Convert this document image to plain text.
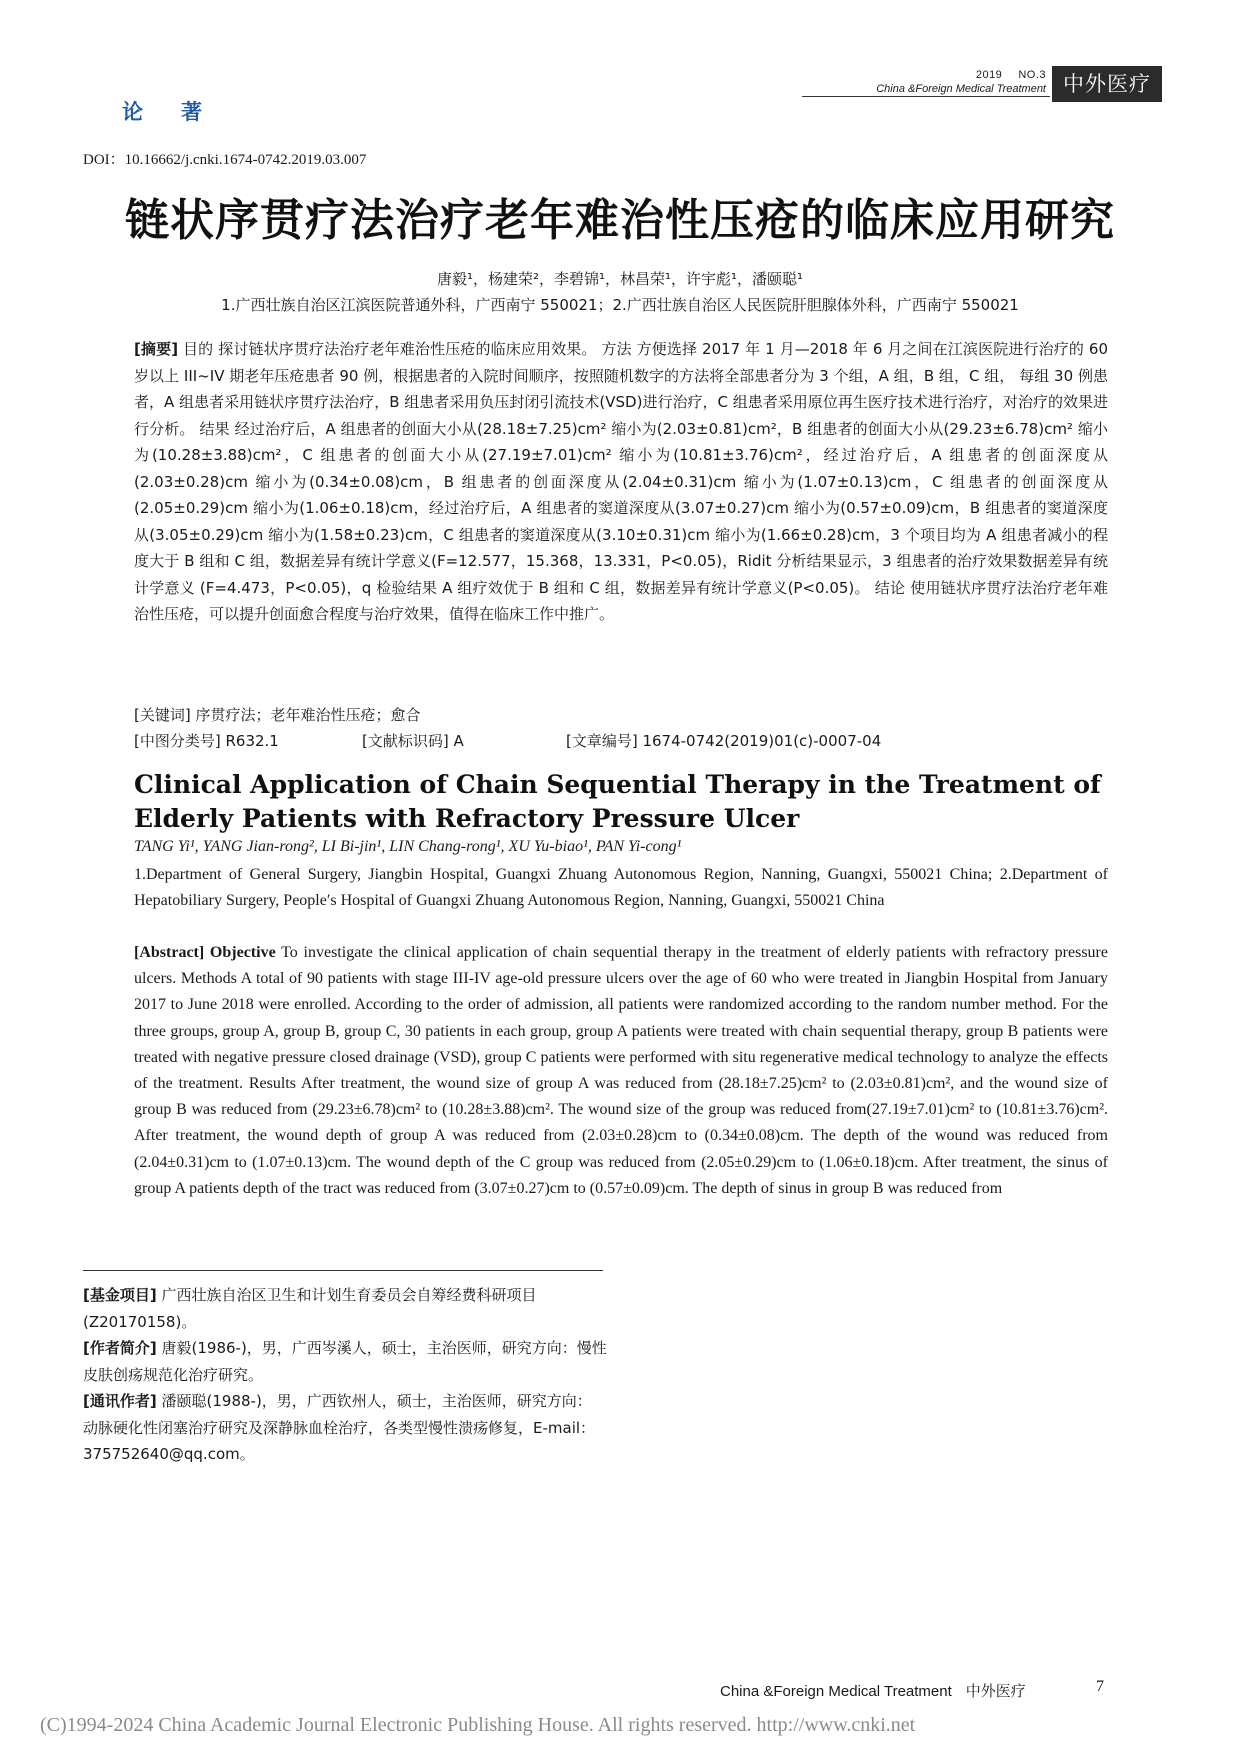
论著
2019 NO.3
China &Foreign Medical Treatment 中外医疗
DOI：10.16662/j.cnki.1674-0742.2019.03.007
链状序贯疗法治疗老年难治性压疮的临床应用研究
唐毅¹，杨建荣²，李碧锦¹，林昌荣¹，许宇彪¹，潘颐聪¹
1.广西壮族自治区江滨医院普通外科，广西南宁 550021；2.广西壮族自治区人民医院肝胆腺体外科，广西南宁 550021
[摘要] 目的 探讨链状序贯疗法治疗老年难治性压疮的临床应用效果。 方法 方便选择 2017 年 1 月—2018 年 6 月之间在江滨医院进行治疗的 60 岁以上 III~IV 期老年压疮患者 90 例，根据患者的入院时间顺序，按照随机数字的方法将全部患者分为 3 个组，A 组，B 组，C 组， 每组 30 例患者，A 组患者采用链状序贯疗法治疗，B 组患者采用负压封闭引流技术(VSD)进行治疗，C 组患者采用原位再生医疗技术进行治疗，对治疗的效果进行分析。 结果 经过治疗后，A 组患者的创面大小从(28.18±7.25)cm² 缩小为(2.03±0.81)cm²，B 组患者的创面大小从(29.23±6.78)cm² 缩小为(10.28±3.88)cm²，C 组患者的创面大小从(27.19±7.01)cm² 缩小为(10.81±3.76)cm²，经过治疗后，A 组患者的创面深度从(2.03±0.28)cm 缩小为(0.34±0.08)cm，B 组患者的创面深度从(2.04±0.31)cm 缩小为(1.07±0.13)cm，C 组患者的创面深度从(2.05±0.29)cm 缩小为(1.06±0.18)cm，经过治疗后，A 组患者的窦道深度从(3.07±0.27)cm 缩小为(0.57±0.09)cm，B 组患者的窦道深度从(3.05±0.29)cm 缩小为(1.58±0.23)cm，C 组患者的窦道深度从(3.10±0.31)cm 缩小为(1.66±0.28)cm，3 个项目均为 A 组患者减小的程度大于 B 组和 C 组，数据差异有统计学意义(F=12.577，15.368，13.331，P<0.05)，Ridit 分析结果显示，3 组患者的治疗效果数据差异有统计学意义 (F=4.473，P<0.05)，q 检验结果 A 组疗效优于 B 组和 C 组，数据差异有统计学意义(P<0.05)。 结论 使用链状序贯疗法治疗老年难治性压疮，可以提升创面愈合程度与治疗效果，值得在临床工作中推广。
[关键词] 序贯疗法；老年难治性压疮；愈合
[中图分类号] R632.1	[文献标识码] A	[文章编号] 1674-0742(2019)01(c)-0007-04
Clinical Application of Chain Sequential Therapy in the Treatment of Elderly Patients with Refractory Pressure Ulcer
TANG Yi¹, YANG Jian-rong², LI Bi-jin¹, LIN Chang-rong¹, XU Yu-biao¹, PAN Yi-cong¹
1.Department of General Surgery, Jiangbin Hospital, Guangxi Zhuang Autonomous Region, Nanning, Guangxi, 550021 China; 2.Department of Hepatobiliary Surgery, People′s Hospital of Guangxi Zhuang Autonomous Region, Nanning, Guangxi, 550021 China
[Abstract] Objective To investigate the clinical application of chain sequential therapy in the treatment of elderly patients with refractory pressure ulcers. Methods A total of 90 patients with stage III-IV age-old pressure ulcers over the age of 60 who were treated in Jiangbin Hospital from January 2017 to June 2018 were enrolled. According to the order of admission, all patients were randomized according to the random number method. For the three groups, group A, group B, group C, 30 patients in each group, group A patients were treated with chain sequential therapy, group B patients were treated with negative pressure closed drainage (VSD), group C patients were performed with situ regenerative medical technology to analyze the effects of the treatment. Results After treatment, the wound size of group A was reduced from (28.18±7.25)cm² to (2.03±0.81)cm², and the wound size of group B was reduced from (29.23±6.78)cm² to (10.28±3.88)cm². The wound size of the group was reduced from(27.19±7.01)cm² to (10.81±3.76)cm². After treatment, the wound depth of group A was reduced from (2.03±0.28)cm to (0.34±0.08)cm. The depth of the wound was reduced from (2.04±0.31)cm to (1.07±0.13)cm. The wound depth of the C group was reduced from (2.05±0.29)cm to (1.06±0.18)cm. After treatment, the sinus of group A patients depth of the tract was reduced from (3.07±0.27)cm to (0.57±0.09)cm. The depth of sinus in group B was reduced from

[基金项目] 广西壮族自治区卫生和计划生育委员会自筹经费科研项目(Z20170158)。

[作者简介] 唐毅(1986-)，男，广西岑溪人，硕士，主治医师，研究方向：慢性皮肤创疡规范化治疗研究。

[通讯作者] 潘颐聪(1988-)，男，广西钦州人，硕士，主治医师，研究方向： 动脉硬化性闭塞治疗研究及深静脉血栓治疗，各类型慢性溃疡修复，E-mail：375752640@qq.com。

China &Foreign Medical Treatment 中外医疗	7
(C)1994-2024 China Academic Journal Electronic Publishing House. All rights reserved. http://www.cnki.net
